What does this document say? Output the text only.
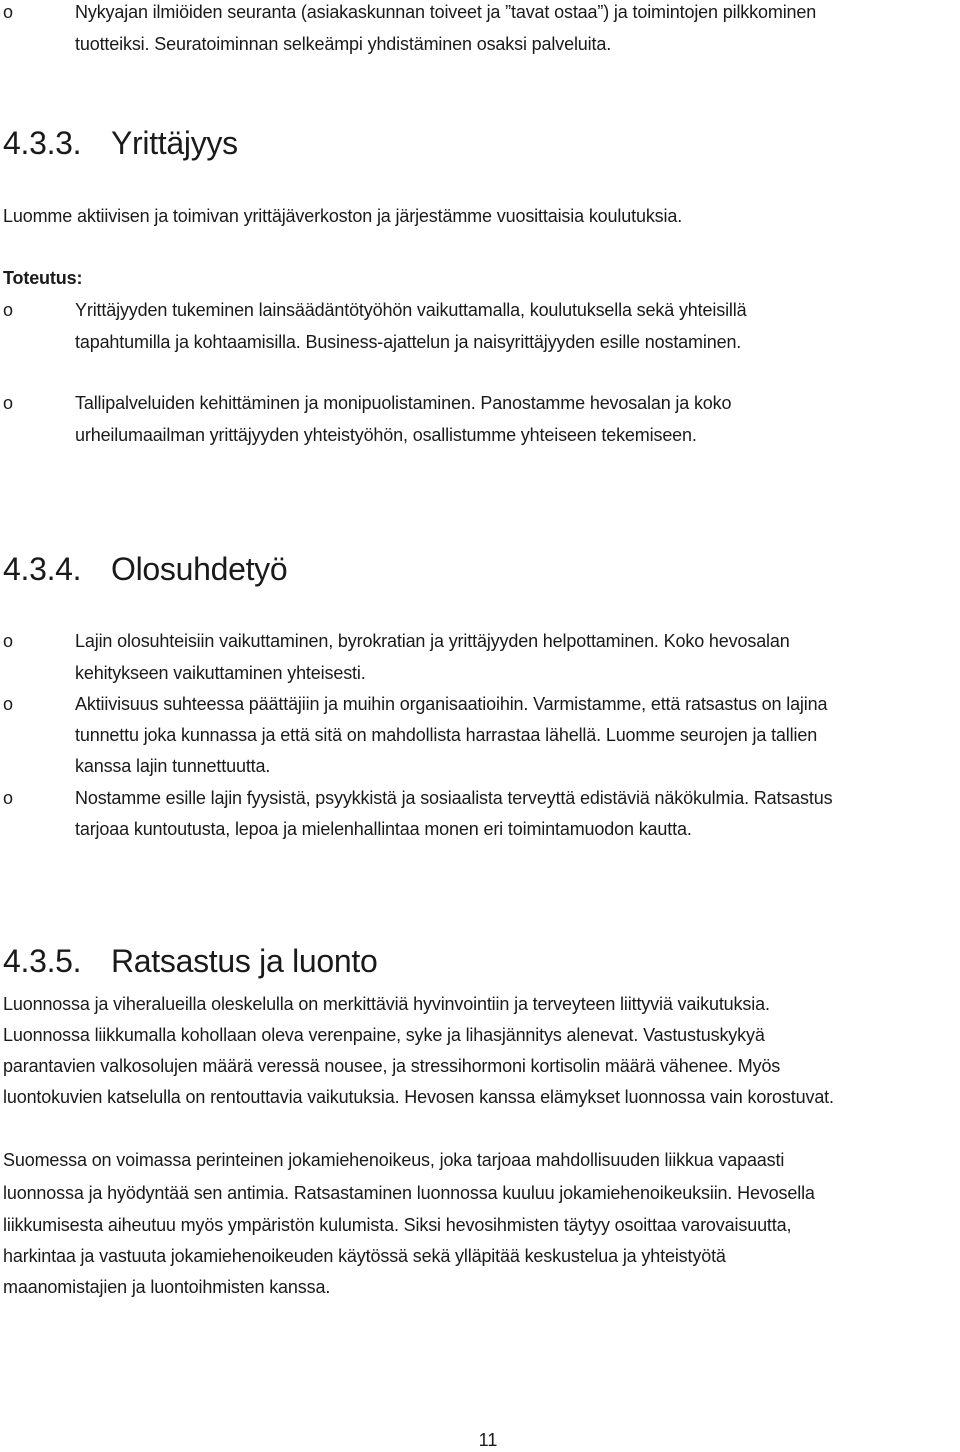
o	Nykyajan ilmiöiden seuranta (asiakaskunnan toiveet ja ”tavat ostaa”) ja toimintojen pilkkominen
tuotteiksi. Seuratoiminnan selkeämpi yhdistäminen osaksi palveluita.
4.3.3. Yrittäjyys
Luomme aktiivisen ja toimivan yrittäjäverkoston ja järjestämme vuosittaisia koulutuksia.
Toteutus:
o	Yrittäjyyden tukeminen lainsäädäntötyöhön vaikuttamalla, koulutuksella sekä yhteisillä
tapahtumilla ja kohtaamisilla. Business-ajattelun ja naisyrittäjyyden esille nostaminen.
o	Tallipalveluiden kehittäminen ja monipuolistaminen. Panostamme hevosalan ja koko
urheilumaailman yrittäjyyden yhteistyöhön, osallistumme yhteiseen tekemiseen.
4.3.4. Olosuhdetyö
o	Lajin olosuhteisiin vaikuttaminen, byrokratian ja yrittäjyyden helpottaminen. Koko hevosalan
kehitykseen vaikuttaminen yhteisesti.
o	Aktiivisuus suhteessa päättäjiin ja muihin organisaatioihin. Varmistamme, että ratsastus on lajina
tunnettu joka kunnassa ja että sitä on mahdollista harrastaa lähellä. Luomme seurojen ja tallien
kanssa lajin tunnettuutta.
o	Nostamme esille lajin fyysistä, psyykkistä ja sosiaalista terveyttä edistäviä näkökulmia. Ratsastus
tarjoaa kuntoutusta, lepoa ja mielenhallintaa monen eri toimintamuodon kautta.
4.3.5. Ratsastus ja luonto
Luonnossa ja viheralueilla oleskelulla on merkittäviä hyvinvointiin ja terveyteen liittyviä vaikutuksia.
Luonnossa liikkumalla kohollaan oleva verenpaine, syke ja lihasjännitys alenevat. Vastustuskykyä
parantavien valkosolujen määrä veressä nousee, ja stressihormoni kortisolin määrä vähenee. Myös
luontokuvien katselulla on rentouttavia vaikutuksia. Hevosen kanssa elämykset luonnossa vain korostuvat.
Suomessa on voimassa perinteinen jokamiehenoikeus, joka tarjoaa mahdollisuuden liikkua vapaasti
luonnossa ja hyödyntää sen antimia. Ratsastaminen luonnossa kuuluu jokamiehenoikeuksiin. Hevosella
liikkumisesta aiheutuu myös ympäristön kulumista. Siksi hevosihmisten täytyy osoittaa varovaisuutta,
harkintaa ja vastuuta jokamiehenoikeuden käytössä sekä ylläpitää keskustelua ja yhteistyötä
maanomistajien ja luontoihmisten kanssa.
11
